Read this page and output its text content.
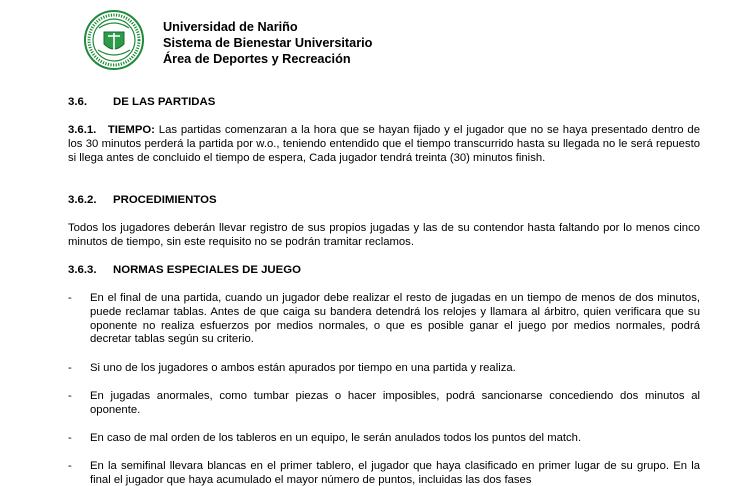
Universidad de Nariño
Sistema de Bienestar Universitario
Área de Deportes y Recreación
3.6. DE LAS PARTIDAS
3.6.1. TIEMPO: Las partidas comenzaran a la hora que se hayan fijado y el jugador que no se haya presentado dentro de los 30 minutos perderá la partida por w.o., teniendo entendido que el tiempo transcurrido hasta su llegada no le será repuesto si llega antes de concluido el tiempo de espera, Cada jugador tendrá treinta (30) minutos finish.
3.6.2. PROCEDIMIENTOS
Todos los jugadores deberán llevar registro de sus propios jugadas y las de su contendor hasta faltando por lo menos cinco minutos de tiempo, sin este requisito no se podrán tramitar reclamos.
3.6.3. NORMAS ESPECIALES DE JUEGO
- En el final de una partida, cuando un jugador debe realizar el resto de jugadas en un tiempo de menos de dos minutos, puede reclamar tablas. Antes de que caiga su bandera detendrá los relojes y llamara al árbitro, quien verificara que su oponente no realiza esfuerzos por medios normales, o que es posible ganar el juego por medios normales, podrá decretar tablas según su criterio.
- Si uno de los jugadores o ambos están apurados por tiempo en una partida y realiza.
- En jugadas anormales, como tumbar piezas o hacer imposibles, podrá sancionarse concediendo dos minutos al oponente.
- En caso de mal orden de los tableros en un equipo, le serán anulados todos los puntos del match.
- En la semifinal llevara blancas en el primer tablero, el jugador que haya clasificado en primer lugar de su grupo. En la final el jugador que haya acumulado el mayor número de puntos, incluidas las dos fases
